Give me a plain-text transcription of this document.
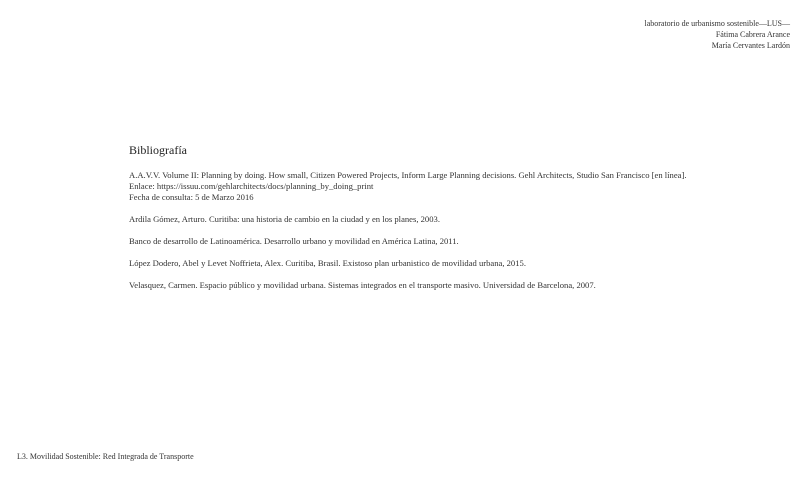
laboratorio de urbanismo sostenible—LUS—
Fátima Cabrera Arance
María Cervantes Lardón
Bibliografía
A.A.V.V. Volume II: Planning by doing. How small, Citizen Powered Projects, Inform Large Planning decisions. Gehl Architects, Studio San Francisco [en línea].
Enlace: https://issuu.com/gehlarchitects/docs/planning_by_doing_print
Fecha de consulta: 5 de Marzo 2016
Ardila Gómez, Arturo. Curitiba: una historia de cambio en la ciudad y en los planes, 2003.
Banco de desarrollo de Latinoamérica. Desarrollo urbano y movilidad en América Latina, 2011.
López Dodero, Abel y Levet Noffrieta, Alex. Curitiba, Brasil. Existoso plan urbanistico de movilidad urbana, 2015.
Velasquez, Carmen. Espacio público y movilidad urbana. Sistemas integrados en el transporte masivo. Universidad de Barcelona, 2007.
L3. Movilidad Sostenible: Red Integrada de Transporte
